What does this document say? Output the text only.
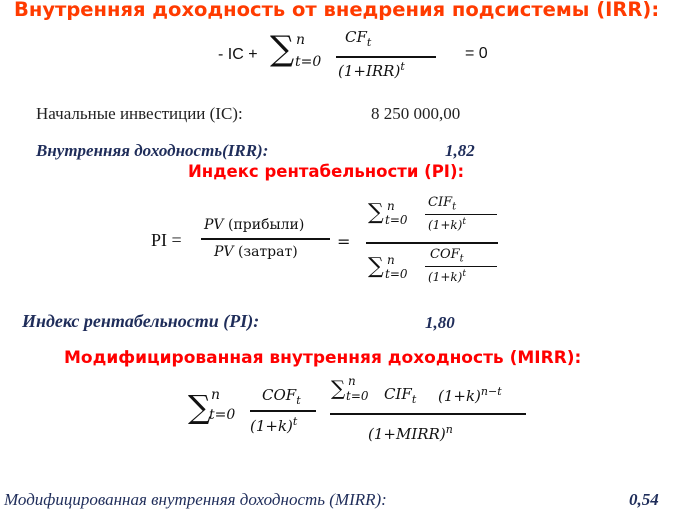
Внутренняя доходность от внедрения подсистемы (IRR):
- IC + ∑ n
t=0
$CF_t$
$(1+IRR)^t$
= 0
Начальные инвестиции (IC):	8 250 000,00
Внутренняя доходность(IRR):	1,82
Индекс рентабельности (PI):
PI =
PV (прибыли)
PV (затрат)
=
∑ n
t=0
$CIF_t$
$(1+k)^t$
∑ n
t=0
$COF_t$
$(1+k)^t$
Индекс рентабельности (PI):	1,80
Модифицированная внутренняя доходность (MIRR):
∑ n
t=0
$COF_t$
$(1+k)^t$
∑ n
t=0 $CIF_t$ $(1+k)^{n-t}$
(1+MIRR)$^n$
Модифицированная внутренняя доходность (MIRR):	0,54
